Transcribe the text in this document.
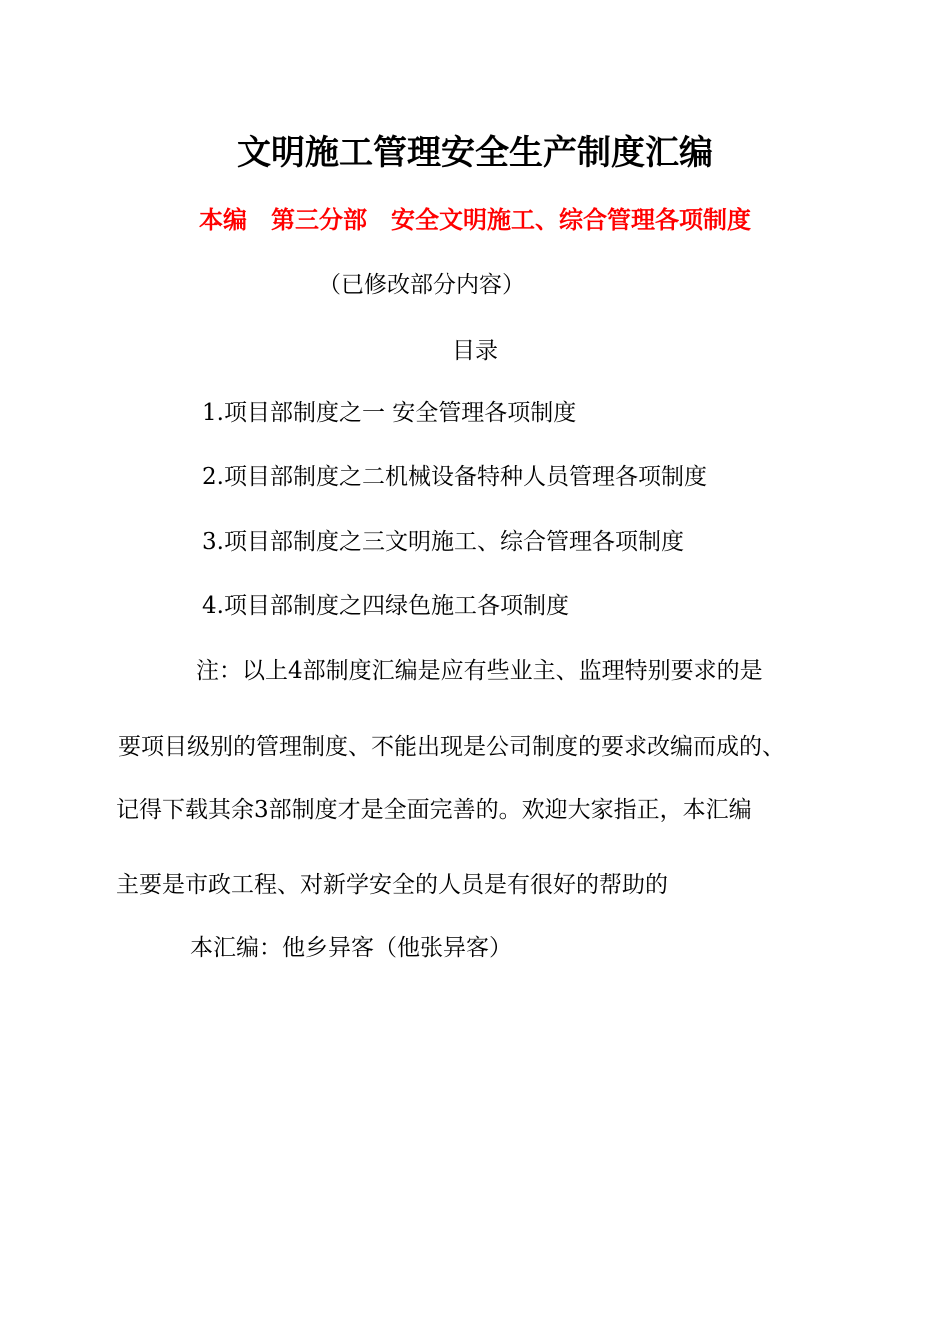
文明施工管理安全生产制度汇编
本编　第三分部　安全文明施工、综合管理各项制度
（已修改部分内容）
目录
1.项目部制度之一 安全管理各项制度
2.项目部制度之二机械设备特种人员管理各项制度
3.项目部制度之三文明施工、综合管理各项制度
4.项目部制度之四绿色施工各项制度
注：以上4部制度汇编是应有些业主、监理特别要求的是
要项目级别的管理制度、不能出现是公司制度的要求改编而成的、
记得下载其余3部制度才是全面完善的。欢迎大家指正，本汇编
主要是市政工程、对新学安全的人员是有很好的帮助的
本汇编：他乡异客（他张异客）
